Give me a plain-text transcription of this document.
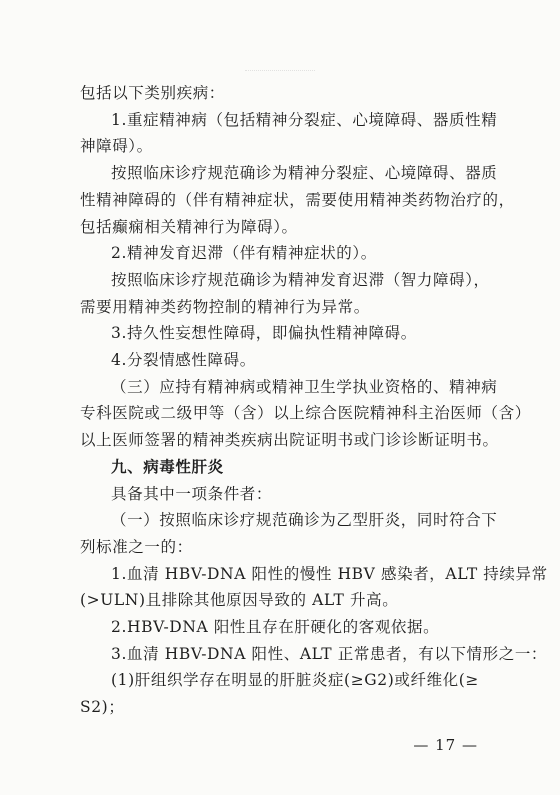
包括以下类别疾病：
1.重症精神病（包括精神分裂症、心境障碍、器质性精
神障碍）。
按照临床诊疗规范确诊为精神分裂症、心境障碍、器质
性精神障碍的（伴有精神症状，需要使用精神类药物治疗的，
包括癫痫相关精神行为障碍）。
2.精神发育迟滞（伴有精神症状的）。
按照临床诊疗规范确诊为精神发育迟滞（智力障碍），
需要用精神类药物控制的精神行为异常。
3.持久性妄想性障碍，即偏执性精神障碍。
4.分裂情感性障碍。
（三）应持有精神病或精神卫生学执业资格的、精神病
专科医院或二级甲等（含）以上综合医院精神科主治医师（含）
以上医师签署的精神类疾病出院证明书或门诊诊断证明书。
九、病毒性肝炎
具备其中一项条件者：
（一）按照临床诊疗规范确诊为乙型肝炎，同时符合下
列标准之一的：
1.血清 HBV-DNA 阳性的慢性 HBV 感染者，ALT 持续异常
(>ULN)且排除其他原因导致的 ALT 升高。
2.HBV-DNA 阳性且存在肝硬化的客观依据。
3.血清 HBV-DNA 阳性、ALT 正常患者，有以下情形之一：
(1)肝组织学存在明显的肝脏炎症(≥G2)或纤维化(≥
S2)；
— 17 —
